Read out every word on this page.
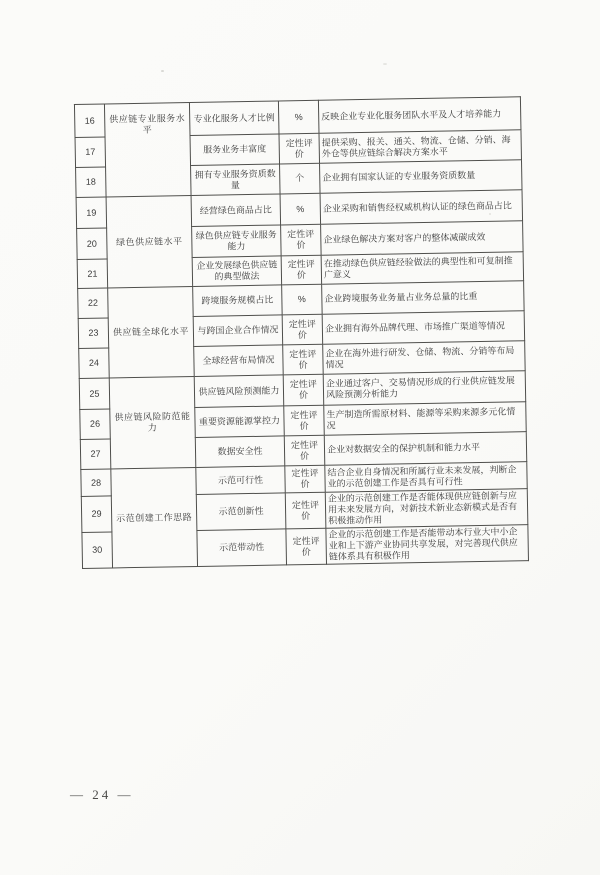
16	供应链专业服务水平	专业化服务人才比例	%	反映企业专业化服务团队水平及人才培养能力
17		服务业务丰富度	定性评价	提供采购、报关、通关、物流、仓储、分销、海外仓等供应链综合解决方案水平
18		拥有专业服务资质数量	个	企业拥有国家认证的专业服务资质数量
19	绿色供应链水平	经营绿色商品占比	%	企业采购和销售经权威机构认证的绿色商品占比
20		绿色供应链专业服务能力	定性评价	企业绿色解决方案对客户的整体减碳成效
21		企业发展绿色供应链的典型做法	定性评价	在推动绿色供应链经验做法的典型性和可复制推广意义
22	供应链全球化水平	跨境服务规模占比	%	企业跨境服务业务量占业务总量的比重
23		与跨国企业合作情况	定性评价	企业拥有海外品牌代理、市场推广渠道等情况
24		全球经营布局情况	定性评价	企业在海外进行研发、仓储、物流、分销等布局情况
25	供应链风险防范能力	供应链风险预测能力	定性评价	企业通过客户、交易情况形成的行业供应链发展风险预测分析能力
26		重要资源能源掌控力	定性评价	生产制造所需原材料、能源等采购来源多元化情况
27		数据安全性	定性评价	企业对数据安全的保护机制和能力水平
28	示范创建工作思路	示范可行性	定性评价	结合企业自身情况和所属行业未来发展，判断企业的示范创建工作是否具有可行性
29		示范创新性	定性评价	企业的示范创建工作是否能体现供应链创新与应用未来发展方向，对新技术新业态新模式是否有积极推动作用
30		示范带动性	定性评价	企业的示范创建工作是否能带动本行业大中小企业和上下游产业协同共享发展，对完善现代供应链体系具有积极作用
— 24 —
